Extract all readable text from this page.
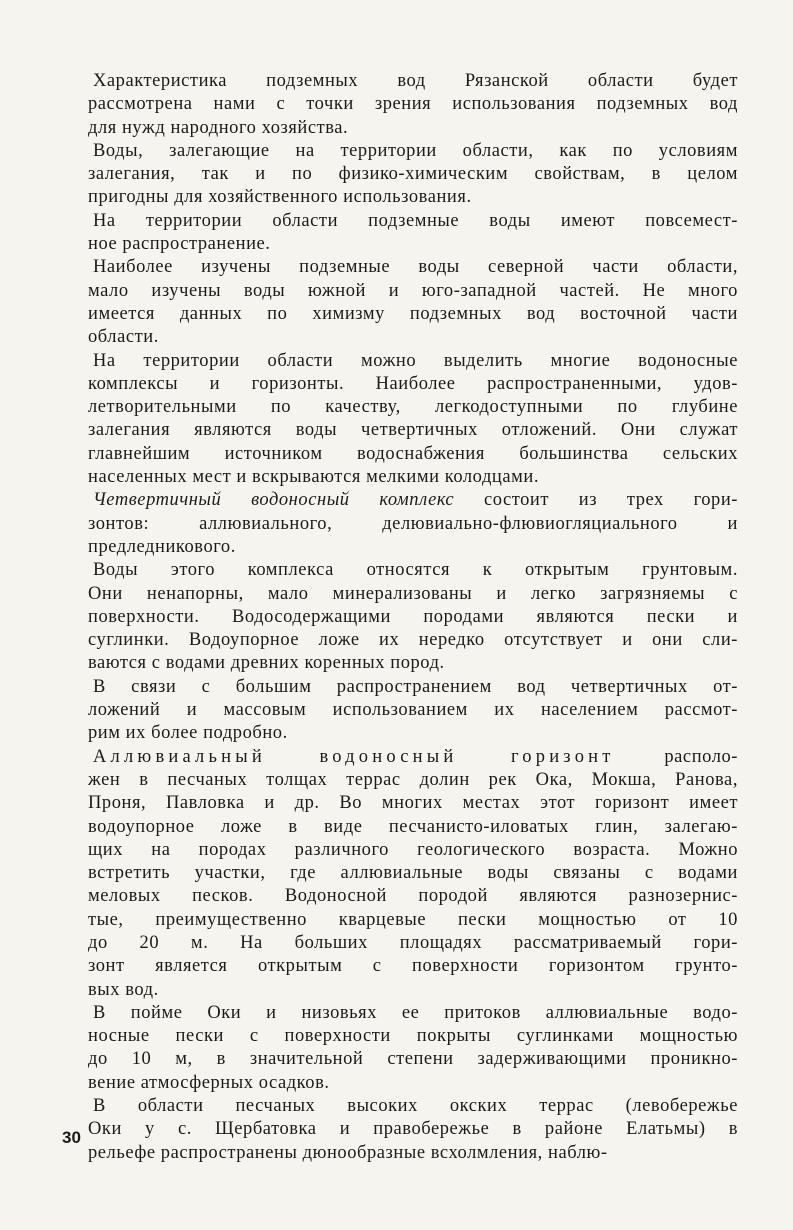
Характеристика подземных вод Рязанской области будет
рассмотрена нами с точки зрения использования подземных вод
для нужд народного хозяйства.
Воды, залегающие на территории области, как по условиям
залегания, так и по физико-химическим свойствам, в целом
пригодны для хозяйственного использования.
На территории области подземные воды имеют повсемест-
ное распространение.
Наиболее изучены подземные воды северной части области,
мало изучены воды южной и юго-западной частей. Не много
имеется данных по химизму подземных вод восточной части
области.
На территории области можно выделить многие водоносные
комплексы и горизонты. Наиболее распространенными, удов-
летворительными по качеству, легкодоступными по глубине
залегания являются воды четвертичных отложений. Они служат
главнейшим источником водоснабжения большинства сельских
населенных мест и вскрываются мелкими колодцами.
Четвертичный водоносный комплекс состоит из трех гори-
зонтов: аллювиального, делювиально-флювиогляциального и
предледникового.
Воды этого комплекса относятся к открытым грунтовым.
Они ненапорны, мало минерализованы и легко загрязняемы с
поверхности. Водосодержащими породами являются пески и
суглинки. Водоупорное ложе их нередко отсутствует и они сли-
ваются с водами древних коренных пород.
В связи с большим распространением вод четвертичных от-
ложений и массовым использованием их населением рассмот-
рим их более подробно.
Аллювиальный водоносный горизонт располо-
жен в песчаных толщах террас долин рек Ока, Мокша, Ранова,
Проня, Павловка и др. Во многих местах этот горизонт имеет
водоупорное ложе в виде песчанисто-иловатых глин, залегаю-
щих на породах различного геологического возраста. Можно
встретить участки, где аллювиальные воды связаны с водами
меловых песков. Водоносной породой являются разнозернис-
тые, преимущественно кварцевые пески мощностью от 10
до 20 м. На больших площадях рассматриваемый гори-
зонт является открытым с поверхности горизонтом грунто-
вых вод.
В пойме Оки и низовьях ее притоков аллювиальные водо-
носные пески с поверхности покрыты суглинками мощностью
до 10 м, в значительной степени задерживающими проникно-
вение атмосферных осадков.
В области песчаных высоких окских террас (левобережье
Оки у с. Щербатовка и правобережье в районе Елатьмы) в
рельефе распространены дюнообразные всхолмления, наблю-
30
